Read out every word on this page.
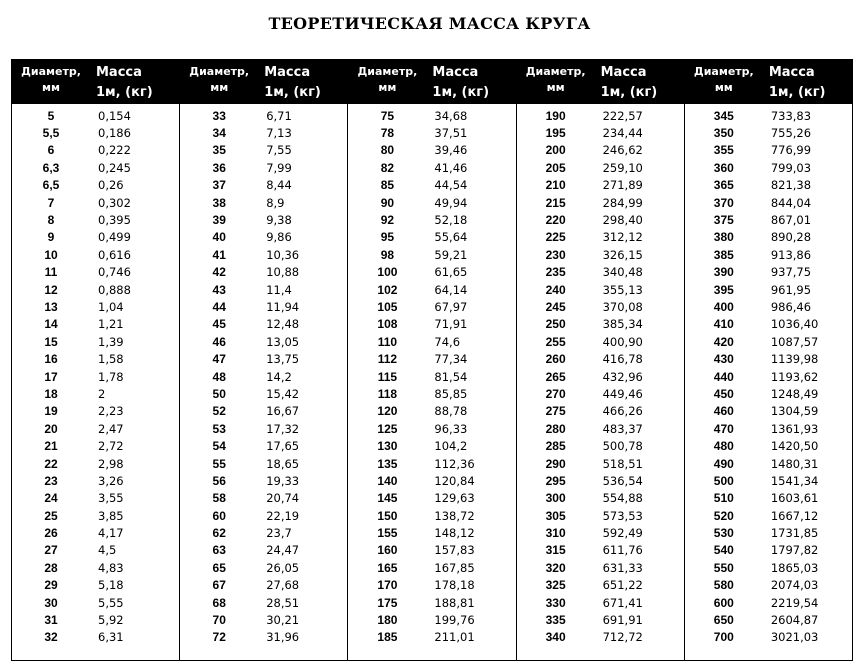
ТЕОРЕТИЧЕСКАЯ МАССА КРУГА
Диаметр,
мм
Масса
1м, (кг)
5	0,154
5,5	0,186
6	0,222
6,3	0,245
6,5	0,26
7	0,302
8	0,395
9	0,499
10	0,616
11	0,746
12	0,888
13	1,04
14	1,21
15	1,39
16	1,58
17	1,78
18	2
19	2,23
20	2,47
21	2,72
22	2,98
23	3,26
24	3,55
25	3,85
26	4,17
27	4,5
28	4,83
29	5,18
30	5,55
31	5,92
32	6,31
Диаметр,
мм
Масса
1м, (кг)
33	6,71
34	7,13
35	7,55
36	7,99
37	8,44
38	8,9
39	9,38
40	9,86
41	10,36
42	10,88
43	11,4
44	11,94
45	12,48
46	13,05
47	13,75
48	14,2
50	15,42
52	16,67
53	17,32
54	17,65
55	18,65
56	19,33
58	20,74
60	22,19
62	23,7
63	24,47
65	26,05
67	27,68
68	28,51
70	30,21
72	31,96
Диаметр,
мм
Масса
1м, (кг)
75	34,68
78	37,51
80	39,46
82	41,46
85	44,54
90	49,94
92	52,18
95	55,64
98	59,21
100	61,65
102	64,14
105	67,97
108	71,91
110	74,6
112	77,34
115	81,54
118	85,85
120	88,78
125	96,33
130	104,2
135	112,36
140	120,84
145	129,63
150	138,72
155	148,12
160	157,83
165	167,85
170	178,18
175	188,81
180	199,76
185	211,01
Диаметр,
мм
Масса
1м, (кг)
190	222,57
195	234,44
200	246,62
205	259,10
210	271,89
215	284,99
220	298,40
225	312,12
230	326,15
235	340,48
240	355,13
245	370,08
250	385,34
255	400,90
260	416,78
265	432,96
270	449,46
275	466,26
280	483,37
285	500,78
290	518,51
295	536,54
300	554,88
305	573,53
310	592,49
315	611,76
320	631,33
325	651,22
330	671,41
335	691,91
340	712,72
Диаметр,
мм
Масса
1м, (кг)
345	733,83
350	755,26
355	776,99
360	799,03
365	821,38
370	844,04
375	867,01
380	890,28
385	913,86
390	937,75
395	961,95
400	986,46
410	1036,40
420	1087,57
430	1139,98
440	1193,62
450	1248,49
460	1304,59
470	1361,93
480	1420,50
490	1480,31
500	1541,34
510	1603,61
520	1667,12
530	1731,85
540	1797,82
550	1865,03
580	2074,03
600	2219,54
650	2604,87
700	3021,03
